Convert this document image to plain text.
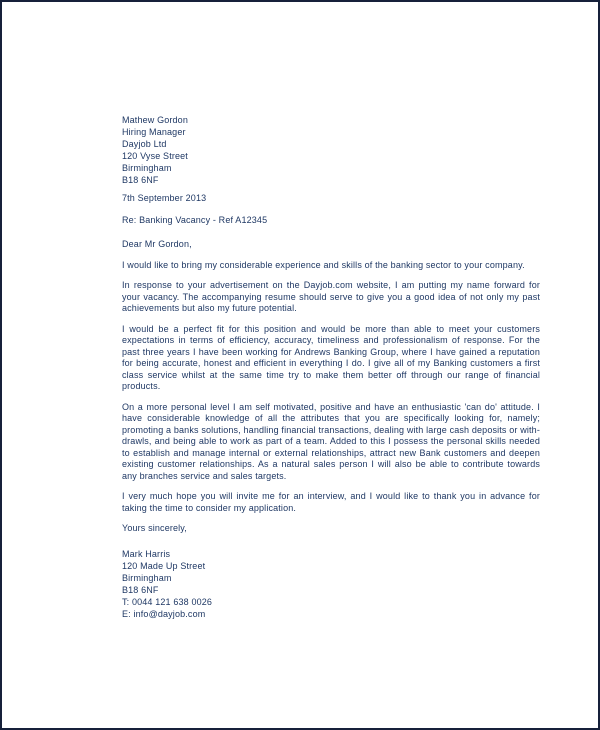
Mathew Gordon
Hiring Manager
Dayjob Ltd
120 Vyse Street
Birmingham
B18 6NF
7th September 2013
Re: Banking Vacancy - Ref A12345
Dear Mr Gordon,

I would like to bring my considerable experience and skills of the banking sector to your company.

In response to your advertisement on the Dayjob.com website, I am putting my name forward for your vacancy. The accompanying resume should serve to give you a good idea of not only my past achievements but also my future potential.

I would be a perfect fit for this position and would be more than able to meet your customers expectations in terms of efficiency, accuracy, timeliness and professionalism of response. For the past three years I have been working for Andrews Banking Group, where I have gained a reputation for being accurate, honest and efficient in everything I do. I give all of my Banking customers a first class service whilst at the same time try to make them better off through our range of financial products.

On a more personal level I am self motivated, positive and have an enthusiastic 'can do' attitude. I have considerable knowledge of all the attributes that you are specifically looking for, namely; promoting a banks solutions, handling financial transactions, dealing with large cash deposits or with-drawls, and being able to work as part of a team. Added to this I possess the personal skills needed to establish and manage internal or external relationships, attract new Bank customers and deepen existing customer relationships. As a natural sales person I will also be able to contribute towards any branches service and sales targets.

I very much hope you will invite me for an interview, and I would like to thank you in advance for taking the time to consider my application.

Yours sincerely,
Mark Harris
120 Made Up Street
Birmingham
B18 6NF
T: 0044 121 638 0026
E: info@dayjob.com
